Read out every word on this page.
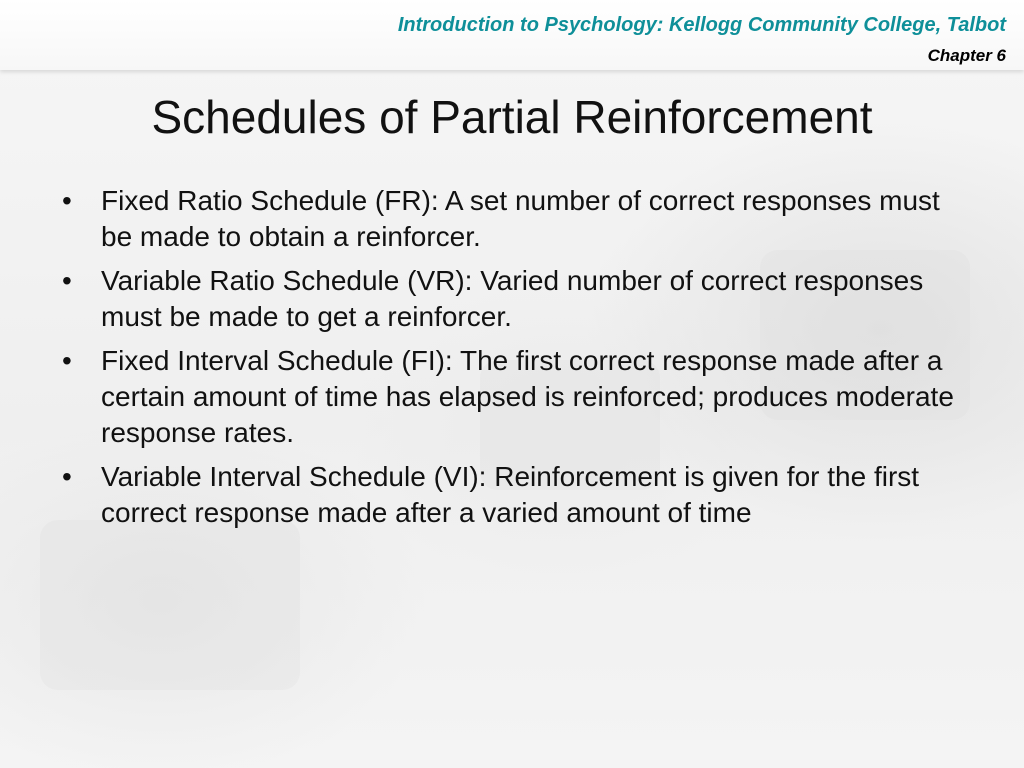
Introduction to Psychology: Kellogg Community College, Talbot
Chapter 6
Schedules of Partial Reinforcement
•	Fixed Ratio Schedule (FR): A set number of correct responses must be made to obtain a reinforcer.
•	Variable Ratio Schedule (VR): Varied number of correct responses must be made to get a reinforcer.
•	Fixed Interval Schedule (FI): The first correct response made after a certain amount of time has elapsed is reinforced; produces moderate response rates.
•	Variable Interval Schedule (VI): Reinforcement is given for the first correct response made after a varied amount of time
